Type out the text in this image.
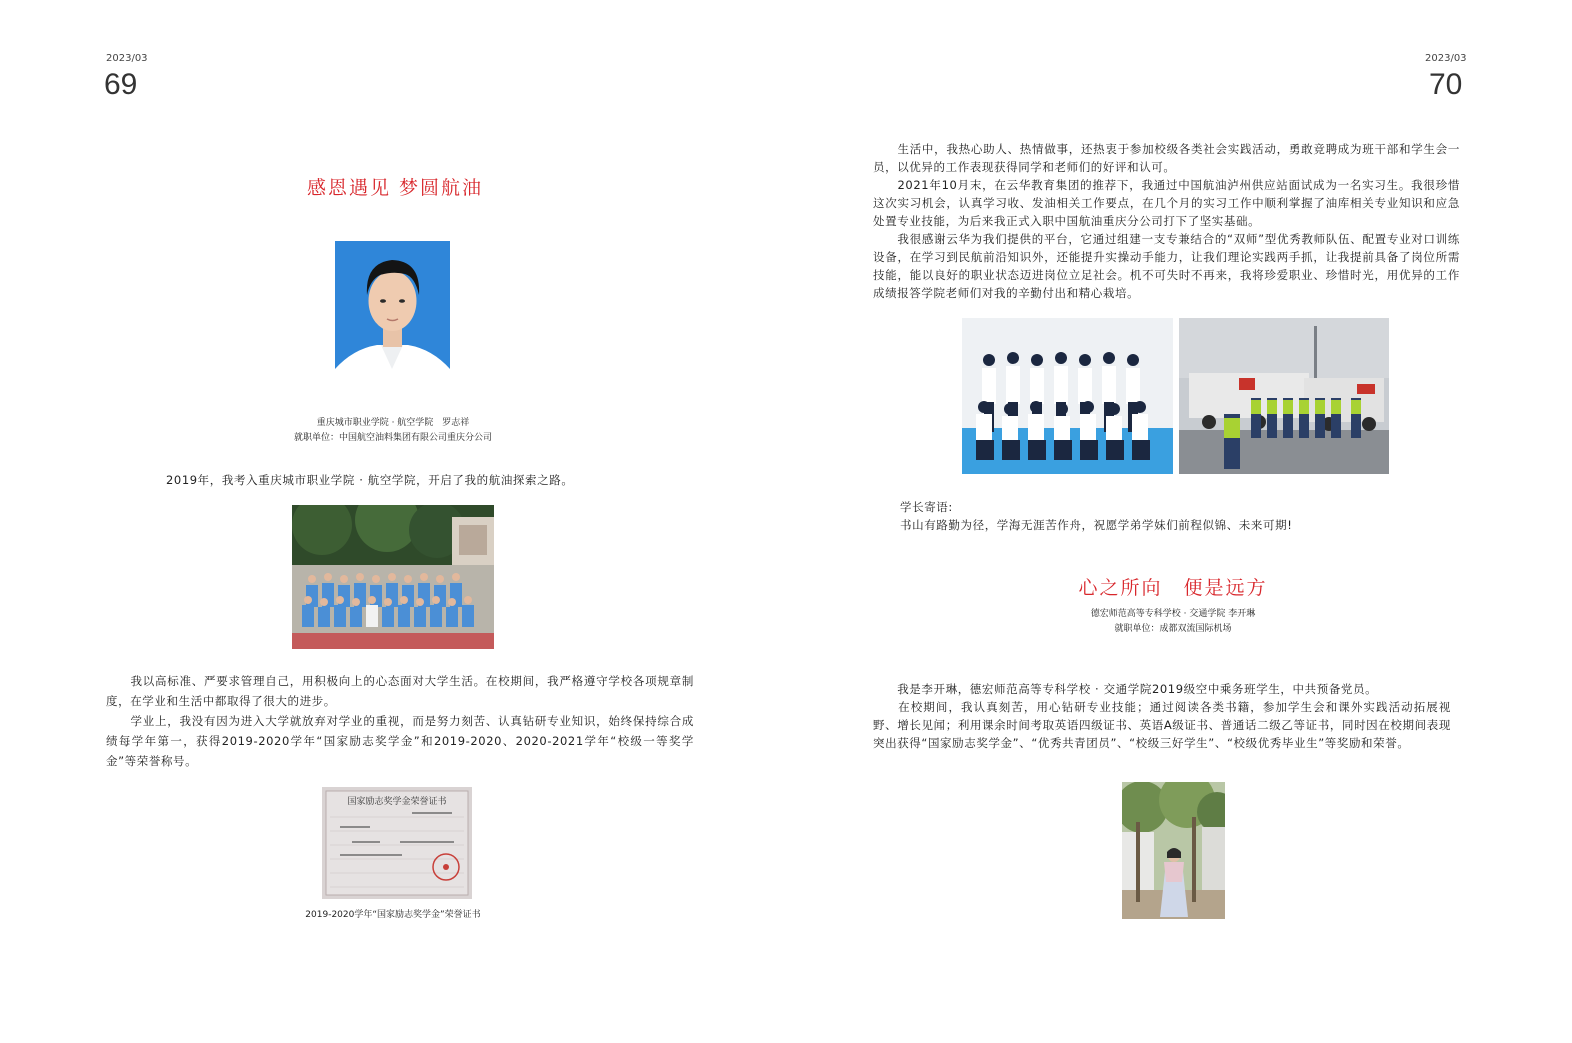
2023/03
69
感恩遇见 梦圆航油
重庆城市职业学院 · 航空学院　罗志祥
就职单位：中国航空油料集团有限公司重庆分公司

2019年，我考入重庆城市职业学院 · 航空学院，开启了我的航油探索之路。

　　我以高标准、严要求管理自己，用积极向上的心态面对大学生活。在校期间，我严格遵守学校各项规章制度，在学业和生活中都取得了很大的进步。

　　学业上，我没有因为进入大学就放弃对学业的重视，而是努力刻苦、认真钻研专业知识，始终保持综合成绩每学年第一，获得2019-2020学年“国家励志奖学金”和2019-2020、2020-2021学年“校级一等奖学金”等荣誉称号。

国家励志奖学金荣誉证书
2019-2020学年“国家励志奖学金”荣誉证书
2023/03
70

　　生活中，我热心助人、热情做事，还热衷于参加校级各类社会实践活动，勇敢竞聘成为班干部和学生会一员，以优异的工作表现获得同学和老师们的好评和认可。

　　2021年10月末，在云华教育集团的推荐下，我通过中国航油泸州供应站面试成为一名实习生。我很珍惜这次实习机会，认真学习收、发油相关工作要点，在几个月的实习工作中顺利掌握了油库相关专业知识和应急处置专业技能，为后来我正式入职中国航油重庆分公司打下了坚实基础。

　　我很感谢云华为我们提供的平台，它通过组建一支专兼结合的“双师”型优秀教师队伍、配置专业对口训练设备，在学习到民航前沿知识外，还能提升实操动手能力，让我们理论实践两手抓，让我提前具备了岗位所需技能，能以良好的职业状态迈进岗位立足社会。机不可失时不再来，我将珍爱职业、珍惜时光，用优异的工作成绩报答学院老师们对我的辛勤付出和精心栽培。

学长寄语:

书山有路勤为径，学海无涯苦作舟，祝愿学弟学妹们前程似锦、未来可期!

心之所向　便是远方
德宏师范高等专科学校 · 交通学院 李开琳
就职单位：成都双流国际机场

　　我是李开琳，德宏师范高等专科学校 · 交通学院2019级空中乘务班学生，中共预备党员。

　　在校期间，我认真刻苦，用心钻研专业技能；通过阅读各类书籍，参加学生会和课外实践活动拓展视野、增长见闻；利用课余时间考取英语四级证书、英语A级证书、普通话二级乙等证书，同时因在校期间表现突出获得“国家励志奖学金”、“优秀共青团员”、“校级三好学生”、“校级优秀毕业生”等奖励和荣誉。
